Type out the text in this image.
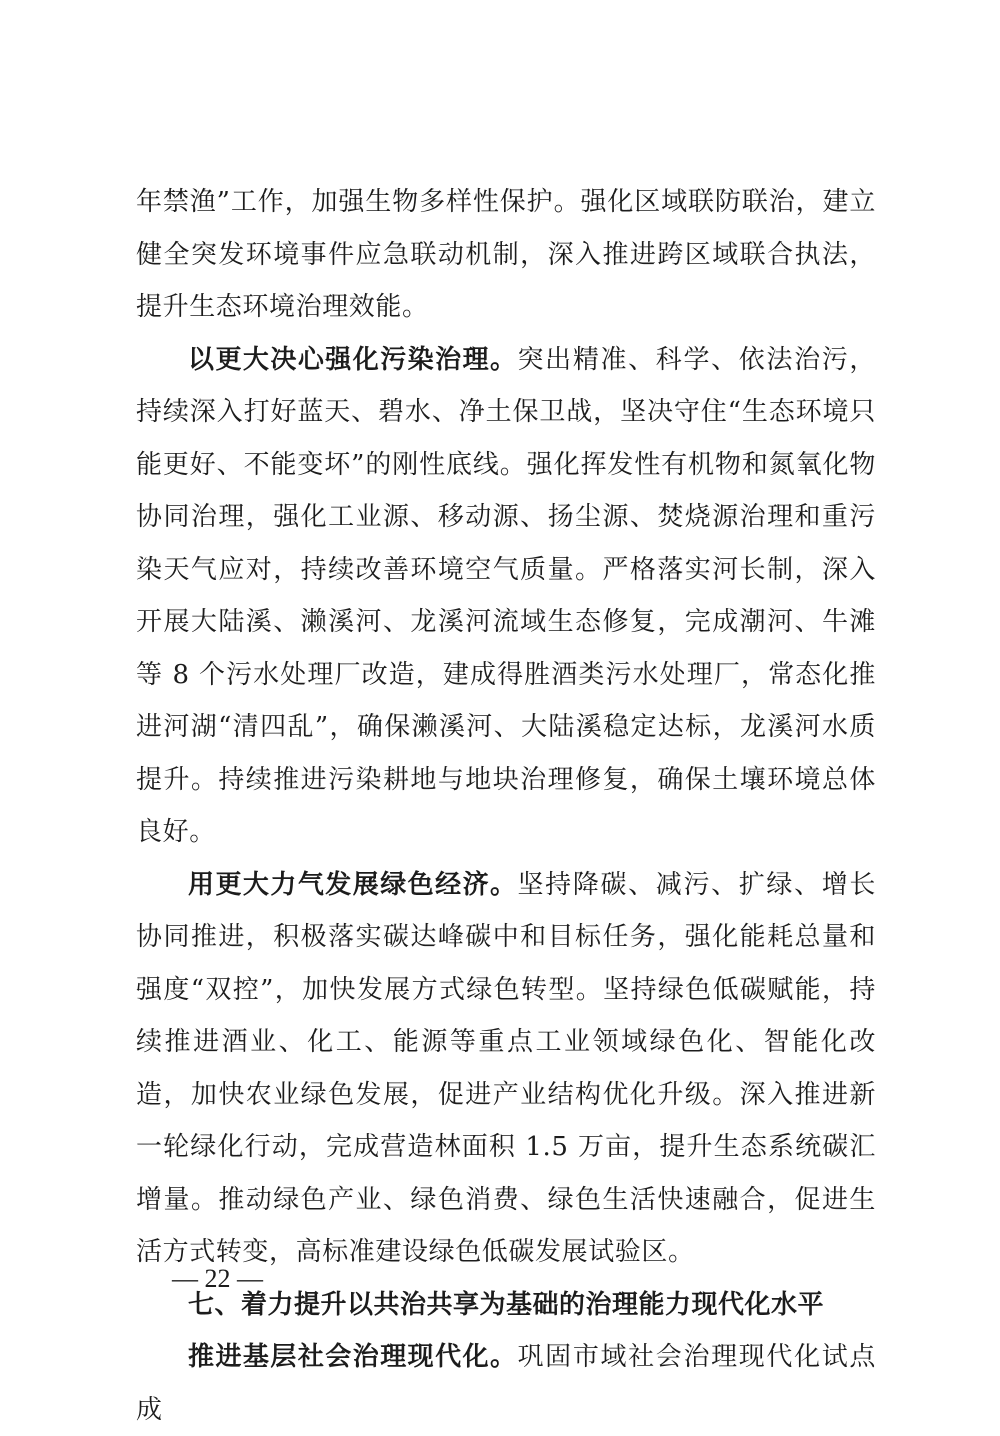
年禁渔”工作，加强生物多样性保护。强化区域联防联治，建立健全突发环境事件应急联动机制，深入推进跨区域联合执法，提升生态环境治理效能。

以更大决心强化污染治理。突出精准、科学、依法治污，持续深入打好蓝天、碧水、净土保卫战，坚决守住“生态环境只能更好、不能变坏”的刚性底线。强化挥发性有机物和氮氧化物协同治理，强化工业源、移动源、扬尘源、焚烧源治理和重污染天气应对，持续改善环境空气质量。严格落实河长制，深入开展大陆溪、濑溪河、龙溪河流域生态修复，完成潮河、牛滩等 8 个污水处理厂改造，建成得胜酒类污水处理厂，常态化推进河湖“清四乱”，确保濑溪河、大陆溪稳定达标，龙溪河水质提升。持续推进污染耕地与地块治理修复，确保土壤环境总体良好。

用更大力气发展绿色经济。坚持降碳、减污、扩绿、增长协同推进，积极落实碳达峰碳中和目标任务，强化能耗总量和强度“双控”，加快发展方式绿色转型。坚持绿色低碳赋能，持续推进酒业、化工、能源等重点工业领域绿色化、智能化改造，加快农业绿色发展，促进产业结构优化升级。深入推进新一轮绿化行动，完成营造林面积 1.5 万亩，提升生态系统碳汇增量。推动绿色产业、绿色消费、绿色生活快速融合，促进生活方式转变，高标准建设绿色低碳发展试验区。

七、着力提升以共治共享为基础的治理能力现代化水平

推进基层社会治理现代化。巩固市域社会治理现代化试点成

— 22 —
